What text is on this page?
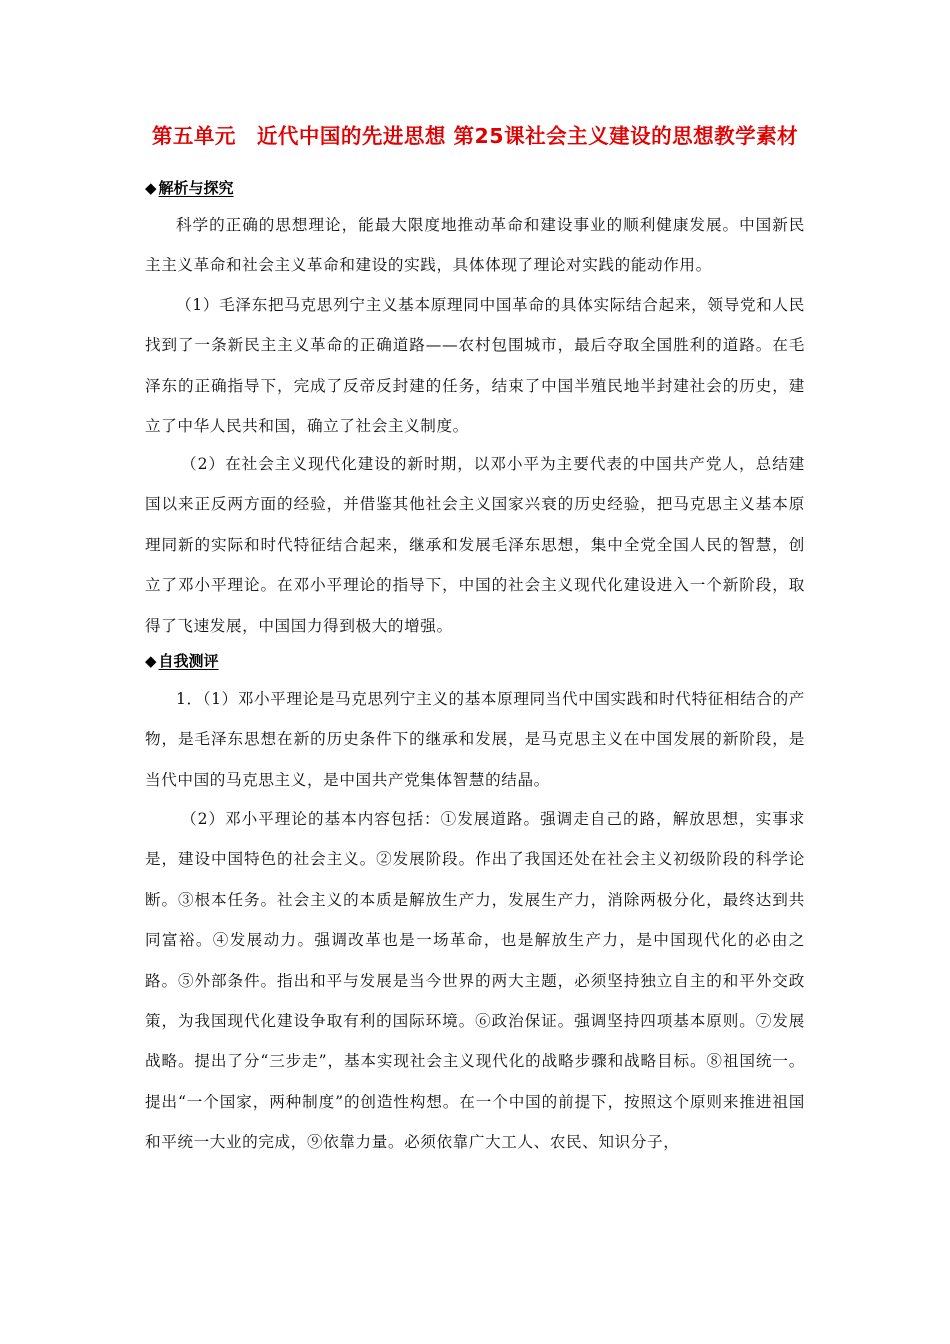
第五单元　近代中国的先进思想 第25课社会主义建设的思想教学素材
◆ 解析与探究

科学的正确的思想理论，能最大限度地推动革命和建设事业的顺利健康发展。中国新民主主义革命和社会主义革命和建设的实践，具体体现了理论对实践的能动作用。

（1）毛泽东把马克思列宁主义基本原理同中国革命的具体实际结合起来，领导党和人民找到了一条新民主主义革命的正确道路——农村包围城市，最后夺取全国胜利的道路。在毛泽东的正确指导下，完成了反帝反封建的任务，结束了中国半殖民地半封建社会的历史，建立了中华人民共和国，确立了社会主义制度。

（2）在社会主义现代化建设的新时期，以邓小平为主要代表的中国共产党人，总结建国以来正反两方面的经验，并借鉴其他社会主义国家兴衰的历史经验，把马克思主义基本原理同新的实际和时代特征结合起来，继承和发展毛泽东思想，集中全党全国人民的智慧，创立了邓小平理论。在邓小平理论的指导下，中国的社会主义现代化建设进入一个新阶段，取得了飞速发展，中国国力得到极大的增强。

◆ 自我测评

1．（1）邓小平理论是马克思列宁主义的基本原理同当代中国实践和时代特征相结合的产物，是毛泽东思想在新的历史条件下的继承和发展，是马克思主义在中国发展的新阶段，是当代中国的马克思主义，是中国共产党集体智慧的结晶。

（2）邓小平理论的基本内容包括：①发展道路。强调走自己的路，解放思想，实事求是，建设中国特色的社会主义。②发展阶段。作出了我国还处在社会主义初级阶段的科学论断。③根本任务。社会主义的本质是解放生产力，发展生产力，消除两极分化，最终达到共同富裕。④发展动力。强调改革也是一场革命，也是解放生产力，是中国现代化的必由之路。⑤外部条件。指出和平与发展是当今世界的两大主题，必须坚持独立自主的和平外交政策，为我国现代化建设争取有利的国际环境。⑥政治保证。强调坚持四项基本原则。⑦发展战略。提出了分“三步走”，基本实现社会主义现代化的战略步骤和战略目标。⑧祖国统一。提出“一个国家，两种制度”的创造性构想。在一个中国的前提下，按照这个原则来推进祖国和平统一大业的完成，⑨依靠力量。必须依靠广大工人、农民、知识分子，
